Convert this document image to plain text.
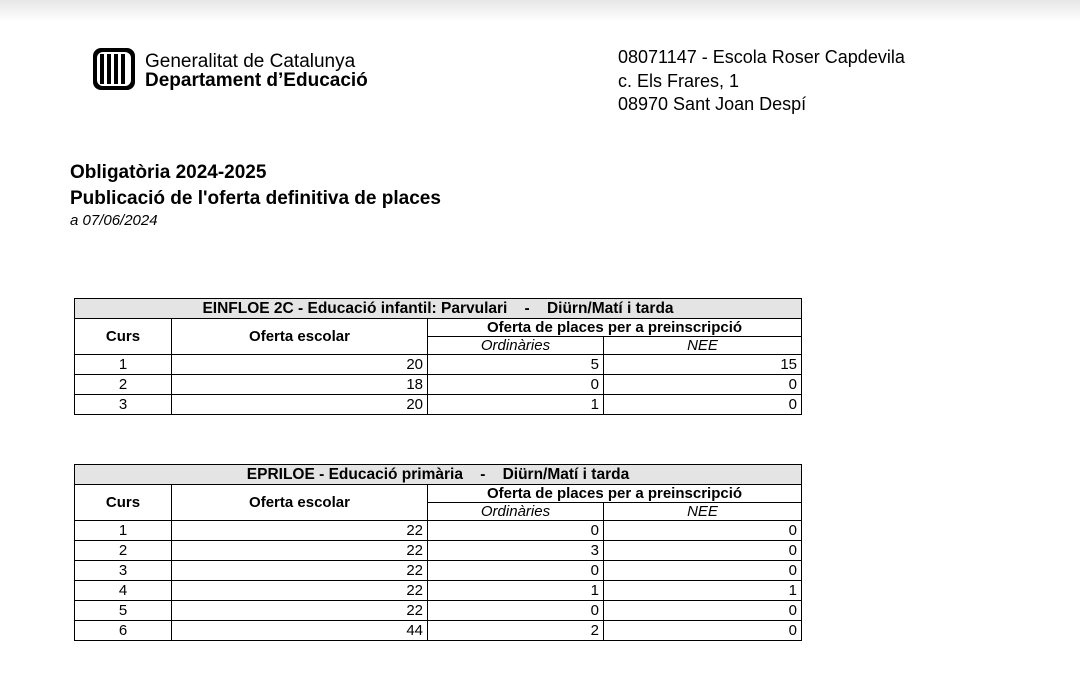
Generalitat de Catalunya
Departament d’Educació
08071147 - Escola Roser Capdevila
c. Els Frares, 1
08970 Sant Joan Despí
Obligatòria 2024-2025
Publicació de l'oferta definitiva de places
a 07/06/2024
EINFLOE 2C - Educació infantil: Parvulari    -    Diürn/Matí i tarda			
Curs	Oferta escolar	Oferta de places per a preinscripció	
		Ordinàries	NEE
1	20	5	15
2	18	0	0
3	20	1	0
EPRILOE - Educació primària    -    Diürn/Matí i tarda			
Curs	Oferta escolar	Oferta de places per a preinscripció	
		Ordinàries	NEE
1	22	0	0
2	22	3	0
3	22	0	0
4	22	1	1
5	22	0	0
6	44	2	0
